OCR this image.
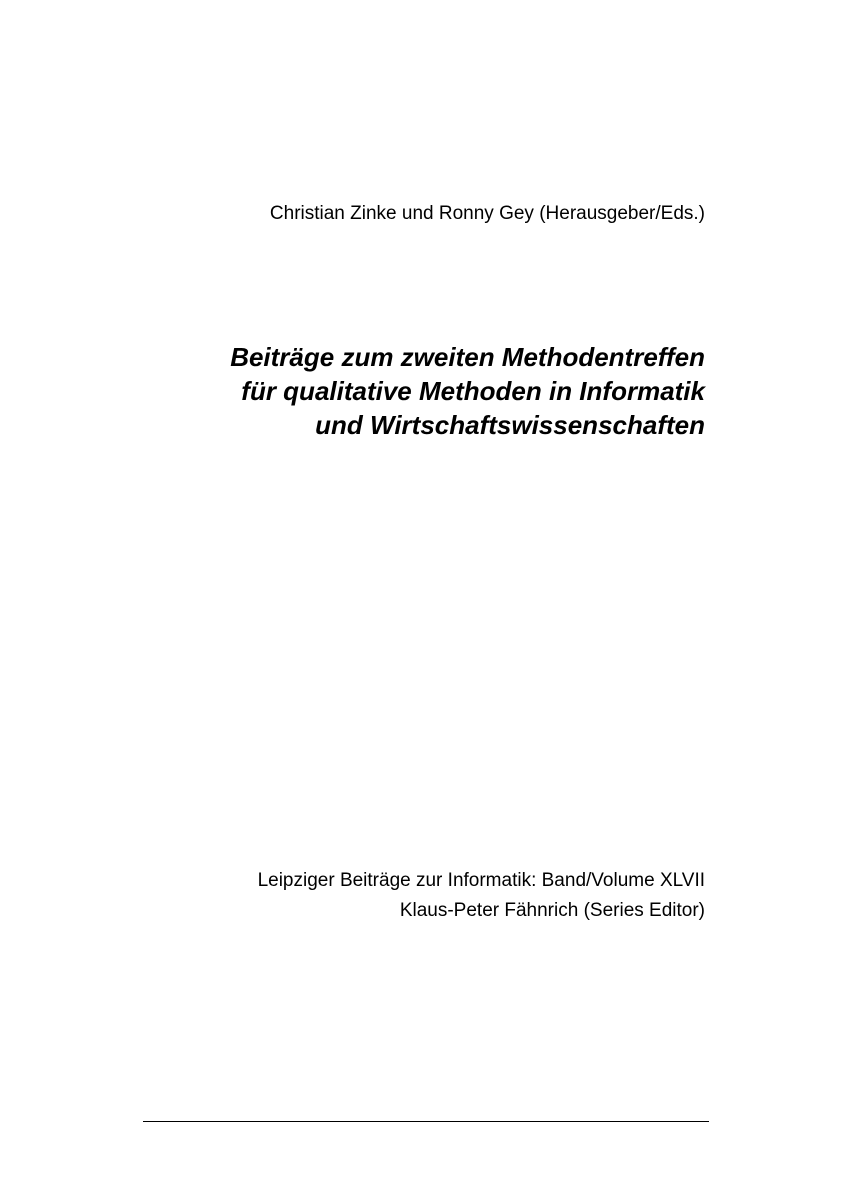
Christian Zinke und Ronny Gey (Herausgeber/Eds.)
Beiträge zum zweiten Methodentreffen
für qualitative Methoden in Informatik
und Wirtschaftswissenschaften
Leipziger Beiträge zur Informatik: Band/Volume XLVII
Klaus-Peter Fähnrich (Series Editor)
